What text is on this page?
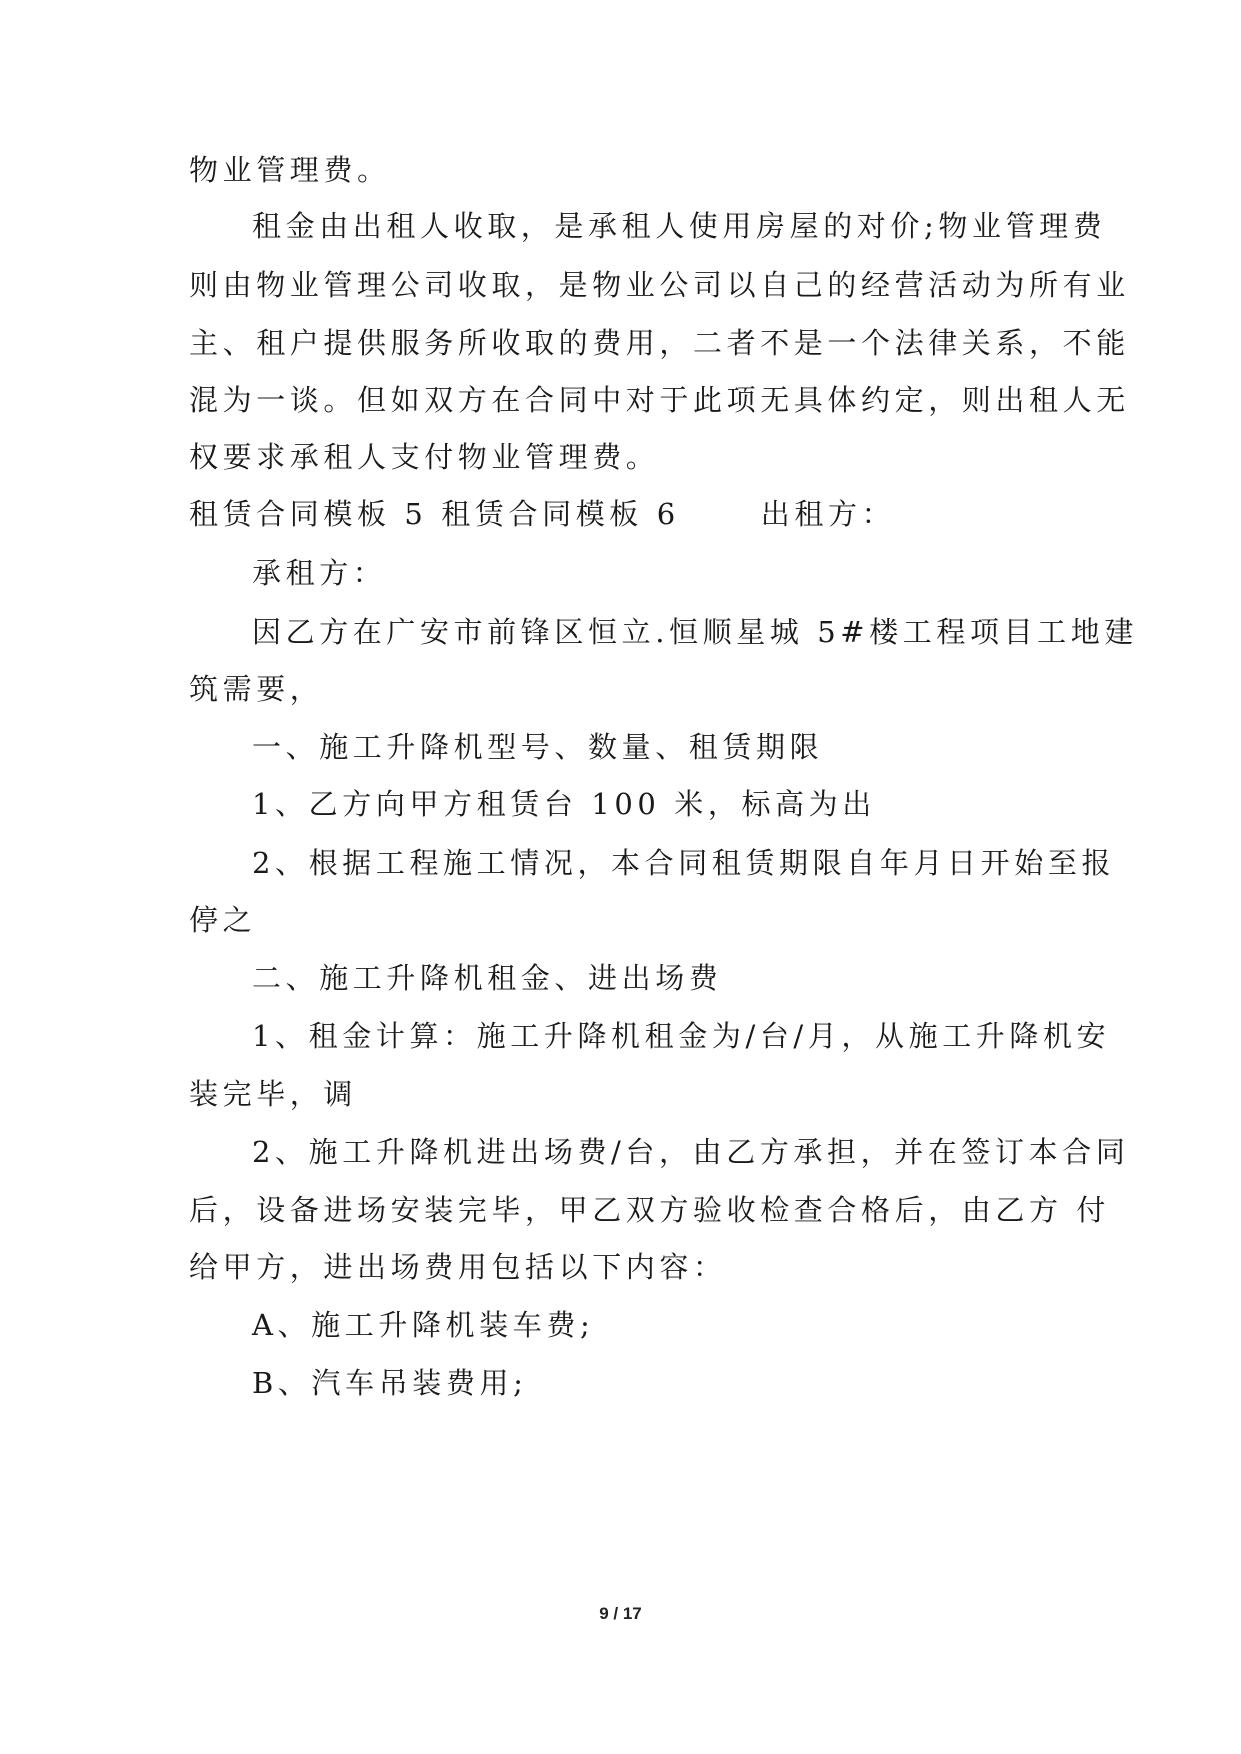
物业管理费。
租金由出租人收取，是承租人使用房屋的对价;物业管理费
则由物业管理公司收取，是物业公司以自己的经营活动为所有业
主、租户提供服务所收取的费用，二者不是一个法律关系，不能
混为一谈。但如双方在合同中对于此项无具体约定，则出租人无
权要求承租人支付物业管理费。
租赁合同模板 5 租赁合同模板 6　　 出租方：
承租方：
因乙方在广安市前锋区恒立.恒顺星城 5#楼工程项目工地建
筑需要，
一、施工升降机型号、数量、租赁期限
1、乙方向甲方租赁台 100 米，标高为出
2、根据工程施工情况，本合同租赁期限自年月日开始至报
停之
二、施工升降机租金、进出场费
1、租金计算：施工升降机租金为/台/月，从施工升降机安
装完毕，调
2、施工升降机进出场费/台，由乙方承担，并在签订本合同
后，设备进场安装完毕，甲乙双方验收检查合格后，由乙方 付
给甲方，进出场费用包括以下内容：
A、施工升降机装车费;
B、汽车吊装费用;
9 / 17
